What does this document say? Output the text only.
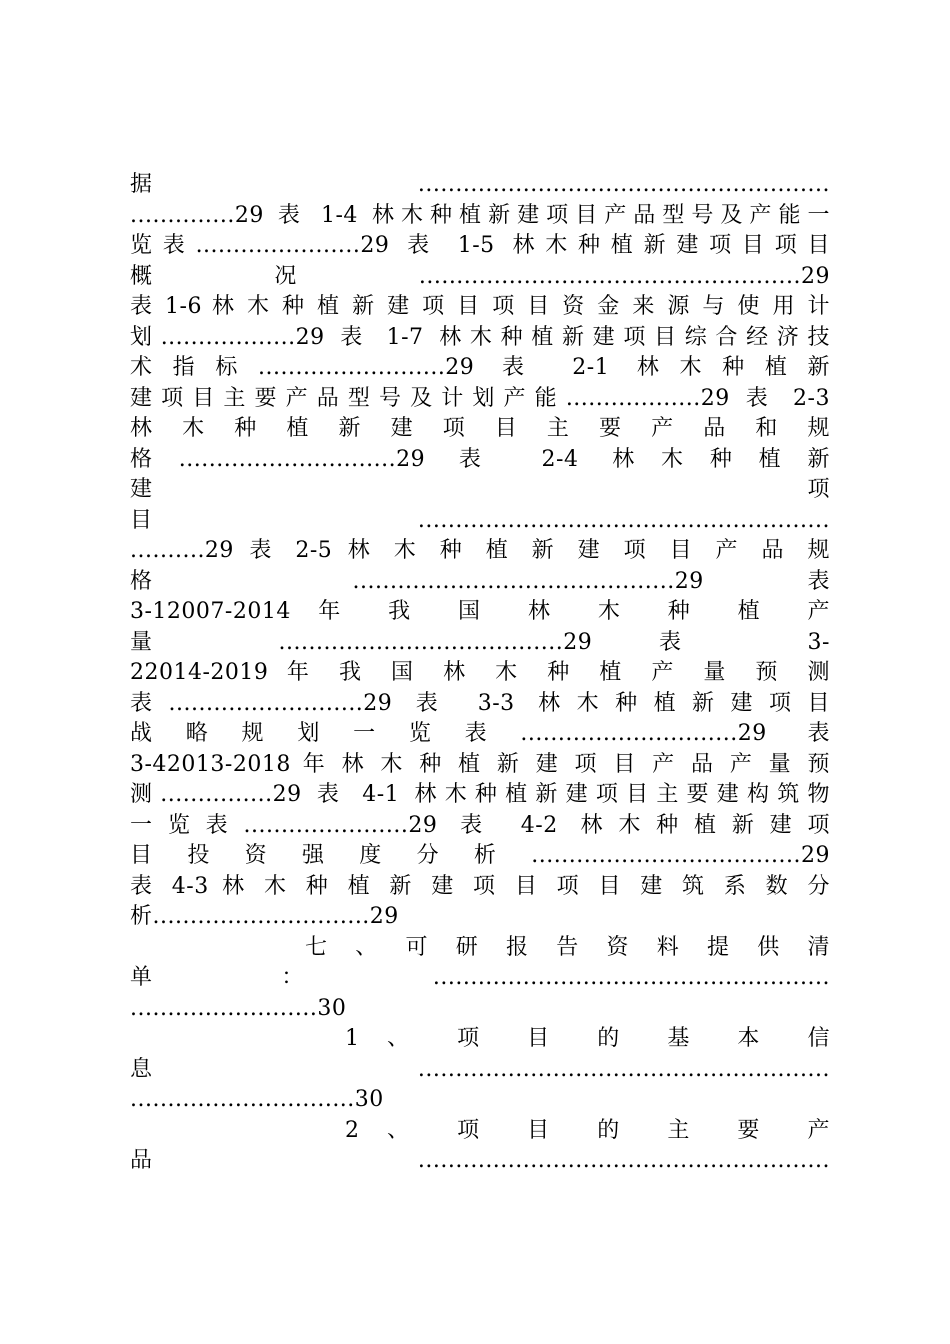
据.......................................................
..............29 表 1-4 林木种植新建项目产品型号及产能一
览表......................29 表 1-5 林木种植新建项目项目
概 况 ...................................................29
表 1-6 林 木 种 植 新 建 项 目 项 目 资 金 来 源 与 使 用 计
划..................29 表 1-7 林木种植新建项目综合经济技
术指标.........................29 表 2-1 林木种植新
建项目主要产品型号及计划产能..................29 表 2-3
林 木 种 植 新 建 项 目 主 要 产 品 和 规
格.............................29 表 2-4 林木种植新
建 项
目.......................................................
..........29 表 2-5 林 木 种 植 新 建 项 目 产 品 规
格 ...........................................29 表
3-12007-2014 年 我 国 林 木 种 植 产
量 ......................................29 表 3-
22014-2019 年 我 国 林 木 种 植 产 量 预 测
表..........................29 表 3-3 林木种植新建项目
战略规划一览表.............................29 表
3-42013-2018 年 林 木 种 植 新 建 项 目 产 品 产 量 预
测...............29 表 4-1 林木种植新建项目主要建构筑物
一览表......................29 表 4-2 林木种植新建项
目投资强度分析....................................29
表 4-3 林 木 种 植 新 建 项 目 项 目 建 筑 系 数 分
析.............................29
七 、 可 研 报 告 资 料 提 供 清
单：.....................................................
.........................30
1 、 项 目 的 基 本 信
息.......................................................
..............................30
2 、 项 目 的 主 要 产
品.......................................................
